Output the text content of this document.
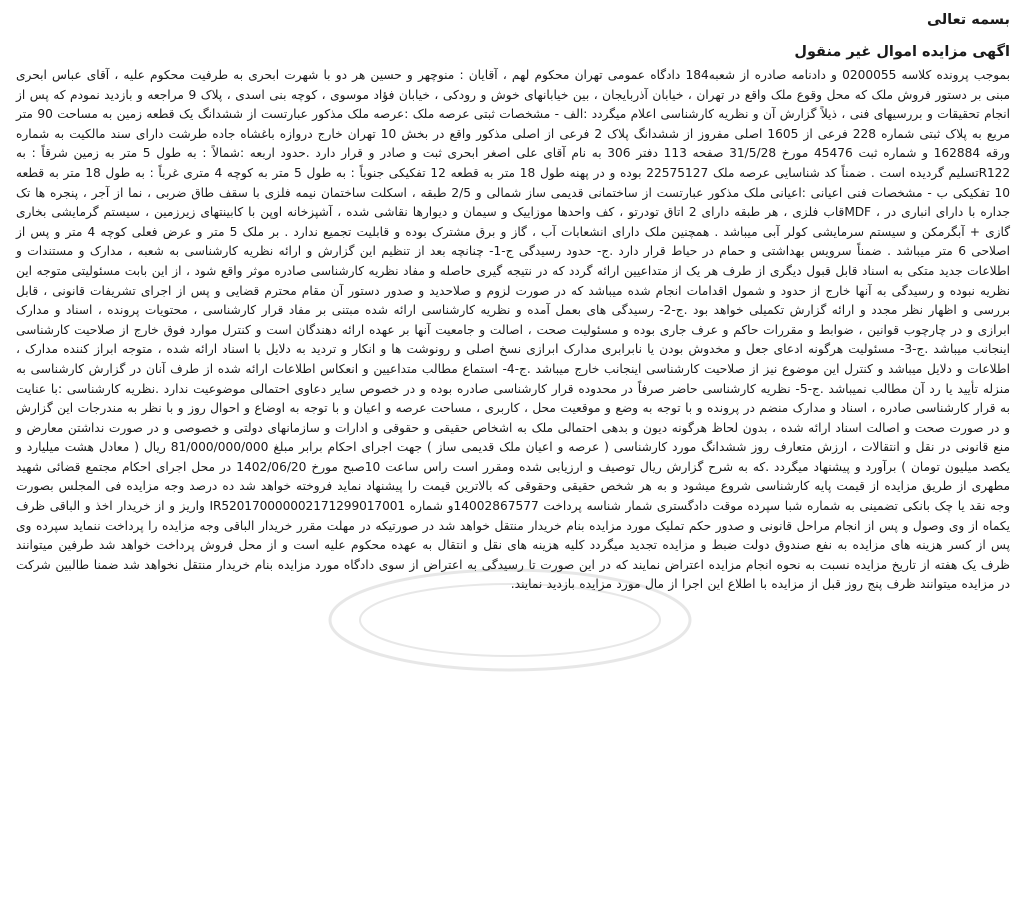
بسمه تعالی

اگهی مزایده اموال غیر منقول

بموجب پرونده کلاسه 0200055 و دادنامه صادره از شعبه184 دادگاه عمومی تهران محکوم لهم ، آقایان : منوچهر و حسین هر دو با شهرت ابحری به طرفیت محکوم علیه ، آقای عباس ابحری مبنی بر دستور فروش ملک که محل وقوع ملک واقع در تهران ، خیابان آذربایجان ، بین خیابانهای خوش و رودکی ، خیابان فؤاد موسوی ، کوچه بنی اسدی ، پلاک 9 مراجعه و بازدید نمودم که پس از انجام تحقیقات و بررسیهای فنی ، ذیلاً گزارش آن و نظریه کارشناسی اعلام میگردد :الف - مشخصات ثبتی عرصه ملک :عرصه ملک مذکور عبارتست از ششدانگ یک قطعه زمین به مساحت 90 متر مربع به پلاک ثبتی شماره 228 فرعی از 1605 اصلی مفروز از ششدانگ پلاک 2 فرعی از اصلی مذکور واقع در بخش 10 تهران خارج دروازه باغشاه جاده طرشت دارای سند مالکیت به شماره ورقه 162884 و شماره ثبت 45476 مورخ 31/5/28 صفحه 113 دفتر 306 به نام آقای علی اصغر ابحری ثبت و صادر و قرار دارد .حدود اربعه :شمالاً : به طول 5 متر به زمین شرقاً : به R122تسلیم گردیده است . ضمناً کد شناسایی عرصه ملک 22575127 بوده و در پهنه طول 18 متر به قطعه 12 تفکیکی جنوباً : به طول 5 متر به کوچه 4 متری غرباً : به طول 18 متر به قطعه 10 تفکیکی ب - مشخصات فنی اعیانی :اعیانی ملک مذکور عبارتست از ساختمانی قدیمی ساز شمالی و 2/5 طبقه ، اسکلت ساختمان نیمه فلزی با سقف طاق ضربی ، نما از آجر ، پنجره ها تک جداره با دارای انباری در ، MDFقاب فلزی ، هر طبقه دارای 2 اتاق تودرتو ، کف واحدها موزاییک و سیمان و دیوارها نقاشی شده ، آشپزخانه اوپن با کابینتهای زیرزمین ، سیستم گرمایشی بخاری گازی + آبگرمکن و سیستم سرمایشی کولر آبی میباشد . همچنین ملک دارای انشعابات آب ، گاز و برق مشترک بوده و قابلیت تجمیع ندارد . بر ملک 5 متر و عرض فعلی کوچه 4 متر و پس از اصلاحی 6 متر میباشد . ضمناً سرویس بهداشتی و حمام در حیاط قرار دارد .ج- حدود رسیدگی ج-1- چنانچه بعد از تنظیم این گزارش و ارائه نظریه کارشناسی به شعبه ، مدارک و مستندات و اطلاعات جدید متکی به اسناد قابل قبول دیگری از طرف هر یک از متداعیین ارائه گردد که در نتیجه گیری حاصله و مفاد نظریه کارشناسی صادره موثر واقع شود ، از این بابت مسئولیتی متوجه این نظریه نبوده و رسیدگی به آنها خارج از حدود و شمول اقدامات انجام شده میباشد که در صورت لزوم و صلاحدید و صدور دستور آن مقام محترم قضایی و پس از اجرای تشریفات قانونی ، قابل بررسی و اظهار نظر مجدد و ارائه گزارش تکمیلی خواهد بود .ج-2- رسیدگی های بعمل آمده و نظریه کارشناسی ارائه شده مبتنی بر مفاد قرار کارشناسی ، محتویات پرونده ، اسناد و مدارک ابرازی و در چارچوب قوانین ، ضوابط و مقررات حاکم و عرف جاری بوده و مسئولیت صحت ، اصالت و جامعیت آنها بر عهده ارائه دهندگان است و کنترل موارد فوق خارج از صلاحیت کارشناسی اینجانب میباشد .ج-3- مسئولیت هرگونه ادعای جعل و مخدوش بودن یا نابرابری مدارک ابرازی نسخ اصلی و رونوشت ها و انکار و تردید به دلایل با اسناد ارائه شده ، متوجه ابراز کننده مدارک ، اطلاعات و دلایل میباشد و کنترل این موضوع نیز از صلاحیت کارشناسی اینجانب خارج میباشد .ج-4- استماع مطالب متداعیین و انعکاس اطلاعات ارائه شده از طرف آنان در گزارش کارشناسی به منزله تأیید یا رد آن مطالب نمیباشد .ج-5- نظریه کارشناسی حاضر صرفاً در محدوده قرار کارشناسی صادره بوده و در خصوص سایر دعاوی احتمالی موضوعیت ندارد .نظریه کارشناسی :با عنایت به قرار کارشناسی صادره ، اسناد و مدارک منضم در پرونده و با توجه به وضع و موقعیت محل ، کاربری ، مساحت عرصه و اعیان و با توجه به اوضاع و احوال روز و با نظر به مندرجات این گزارش و در صورت صحت و اصالت اسناد ارائه شده ، بدون لحاظ هرگونه دیون و بدهی احتمالی ملک به اشخاص حقیقی و حقوقی و ادارات و سازمانهای دولتی و خصوصی و در صورت نداشتن معارض و منع قانونی در نقل و انتقالات ، ارزش متعارف روز ششدانگ مورد کارشناسی ( عرصه و اعیان ملک قدیمی ساز ) جهت اجرای احکام برابر مبلغ 81/000/000/000 ریال ( معادل هشت میلیارد و یکصد میلیون تومان ) برآورد و پیشنهاد میگردد .که به شرح گزارش ریال توصیف و ارزیابی شده ومقرر است راس ساعت 10صبح مورخ 1402/06/20 در محل اجرای احکام مجتمع قضائی شهید مطهری از طریق مزایده از قیمت پایه کارشناسی شروع میشود و به هر شخص حقیقی وحقوقی که بالاترین قیمت را پیشنهاد نماید فروخته خواهد شد ده درصد وجه مزایده فی المجلس بصورت وجه نقد یا چک بانکی تضمینی به شماره شبا سپرده موقت دادگستری شمار شناسه پرداخت 14002867577و شماره IR520170000002171299017001 واریز و از خریدار اخذ و الباقی ظرف یکماه از وی وصول و پس از انجام مراحل قانونی و صدور حکم تملیک مورد مزایده بنام خریدار منتقل خواهد شد در صورتیکه در مهلت مقرر خریدار الباقی وجه مزایده را پرداخت ننماید سپرده وی پس از کسر هزینه های مزایده به نفع صندوق دولت ضبط و مزایده تجدید میگردد کلیه هزینه های نقل و انتقال به عهده محکوم علیه است و از محل فروش پرداخت خواهد شد طرفین میتوانند ظرف یک هفته از تاریخ مزایده نسبت به نحوه انجام مزایده اعتراض نمایند که در این صورت تا رسیدگی به اعتراض از سوی دادگاه مورد مزایده بنام خریدار منتقل نخواهد شد ضمنا طالبین شرکت در مزایده میتوانند ظرف پنج روز قبل از مزایده با اطلاع این اجرا از مال مورد مزایده بازدید نمایند.
